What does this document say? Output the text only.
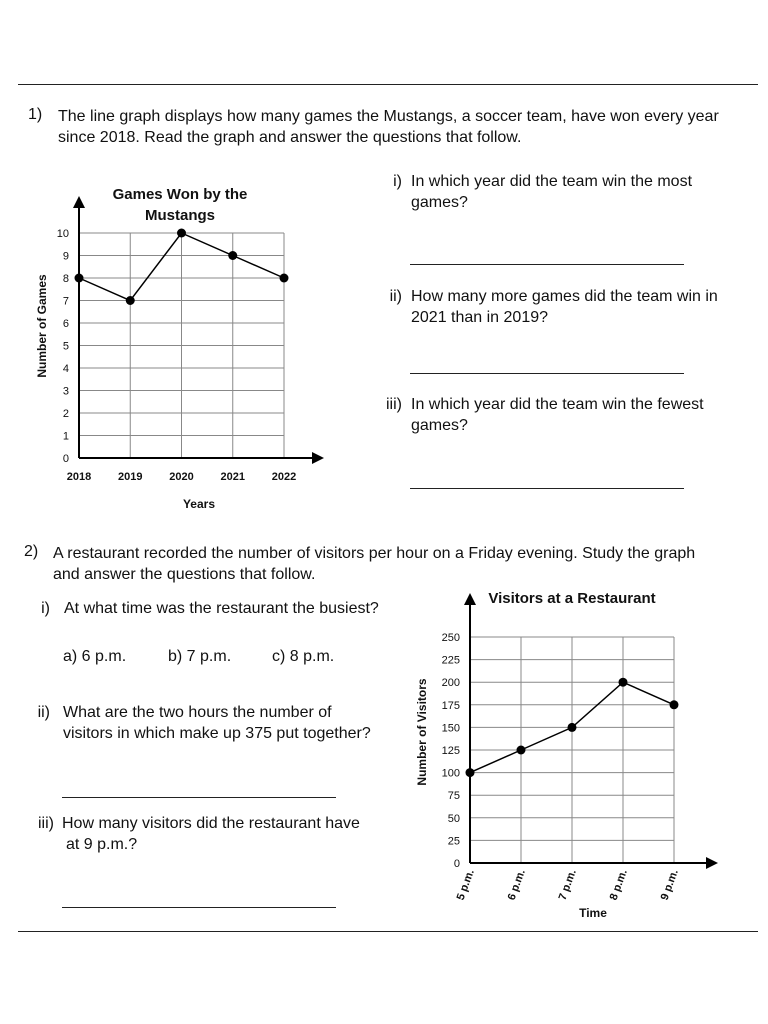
1) The line graph displays how many games the Mustangs, a soccer team, have won every year
since 2018. Read the graph and answer the questions that follow.
i) In which year did the team win the most
games?
ii) How many more games did the team win in
2021 than in 2019?
iii) In which year did the team win the fewest
games?
Games Won by the
Mustangs
Years
Number of Games
0
1
2
3
4
5
6
7
8
9
10
2018 2019 2020 2021 2022
2) A restaurant recorded the number of visitors per hour on a Friday evening. Study the graph
and answer the questions that follow.
i) At what time was the restaurant the busiest?
a) 6 p.m.	b) 7 p.m.	c) 8 p.m.
ii) What are the two hours the number of
visitors in which make up 375 put together?
iii) How many visitors did the restaurant have
at 9 p.m.?
Visitors at a Restaurant
Time
Number of Visitors
0
25
50
75
100
125
150
175
200
225
250
5 p.m.	6 p.m.	7 p.m.	8 p.m.	9 p.m.
